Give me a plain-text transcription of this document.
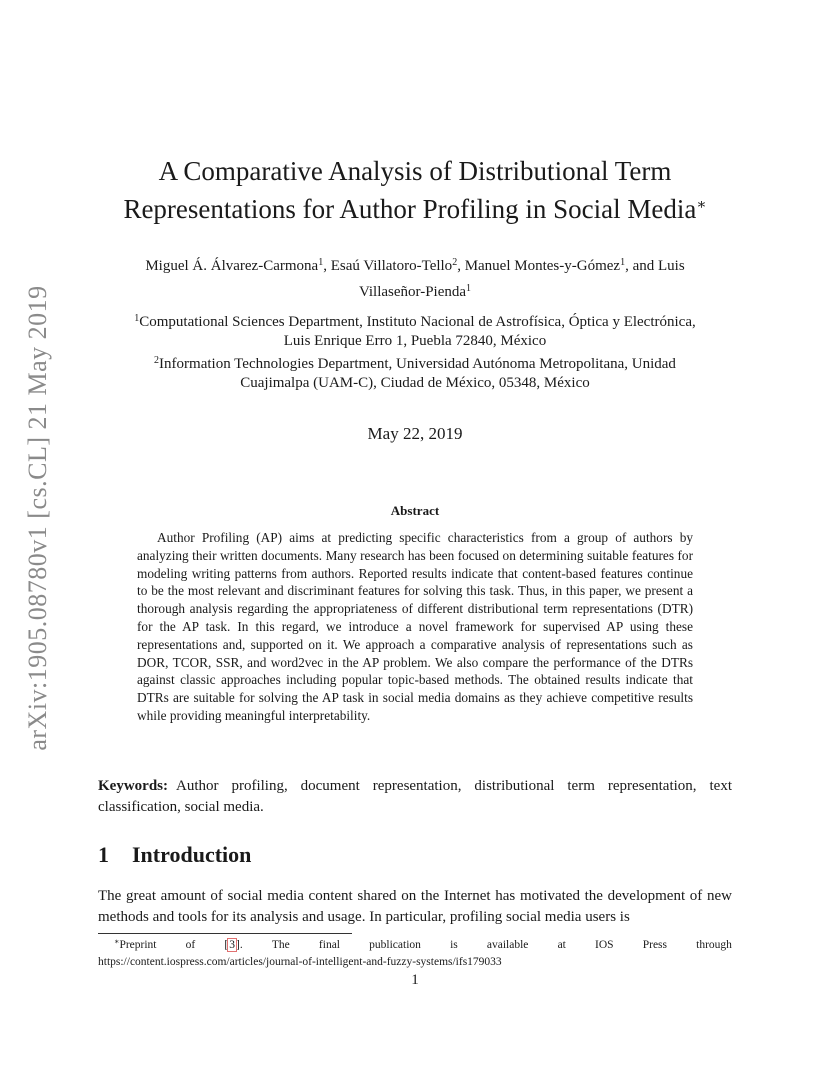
arXiv:1905.08780v1 [cs.CL] 21 May 2019
A Comparative Analysis of Distributional Term
Representations for Author Profiling in Social Media∗
Miguel Á. Álvarez-Carmona$^1$, Esaú Villatoro-Tello$^2$, Manuel Montes-y-Gómez$^1$, and Luis
Villaseñor-Pienda$^1$
$^1$Computational Sciences Department, Instituto Nacional de Astrofísica, Óptica y Electrónica,
Luis Enrique Erro 1, Puebla 72840, México
$^2$Information Technologies Department, Universidad Autónoma Metropolitana, Unidad
Cuajimalpa (UAM-C), Ciudad de México, 05348, México
May 22, 2019
Abstract
Author Profiling (AP) aims at predicting specific characteristics from a group of authors by analyzing their written documents. Many research has been focused on determining suitable features for modeling writing patterns from authors. Reported results indicate that content-based features continue to be the most relevant and discriminant features for solving this task. Thus, in this paper, we present a thorough analysis regarding the appropriateness of different distributional term representations (DTR) for the AP task. In this regard, we introduce a novel framework for supervised AP using these representations and, supported on it. We approach a comparative analysis of representations such as DOR, TCOR, SSR, and word2vec in the AP problem. We also compare the performance of the DTRs against classic approaches including popular topic-based methods. The obtained results indicate that DTRs are suitable for solving the AP task in social media domains as they achieve competitive results while providing meaningful interpretability.
Keywords: Author profiling, document representation, distributional term representation, text classification, social media.
1 Introduction
The great amount of social media content shared on the Internet has motivated the development of new methods and tools for its analysis and usage. In particular, profiling social media users is
∗Preprint	of	[3].	The	final	publication	is	available	at	IOS	Press	through
https://content.iospress.com/articles/journal-of-intelligent-and-fuzzy-systems/ifs179033
1
